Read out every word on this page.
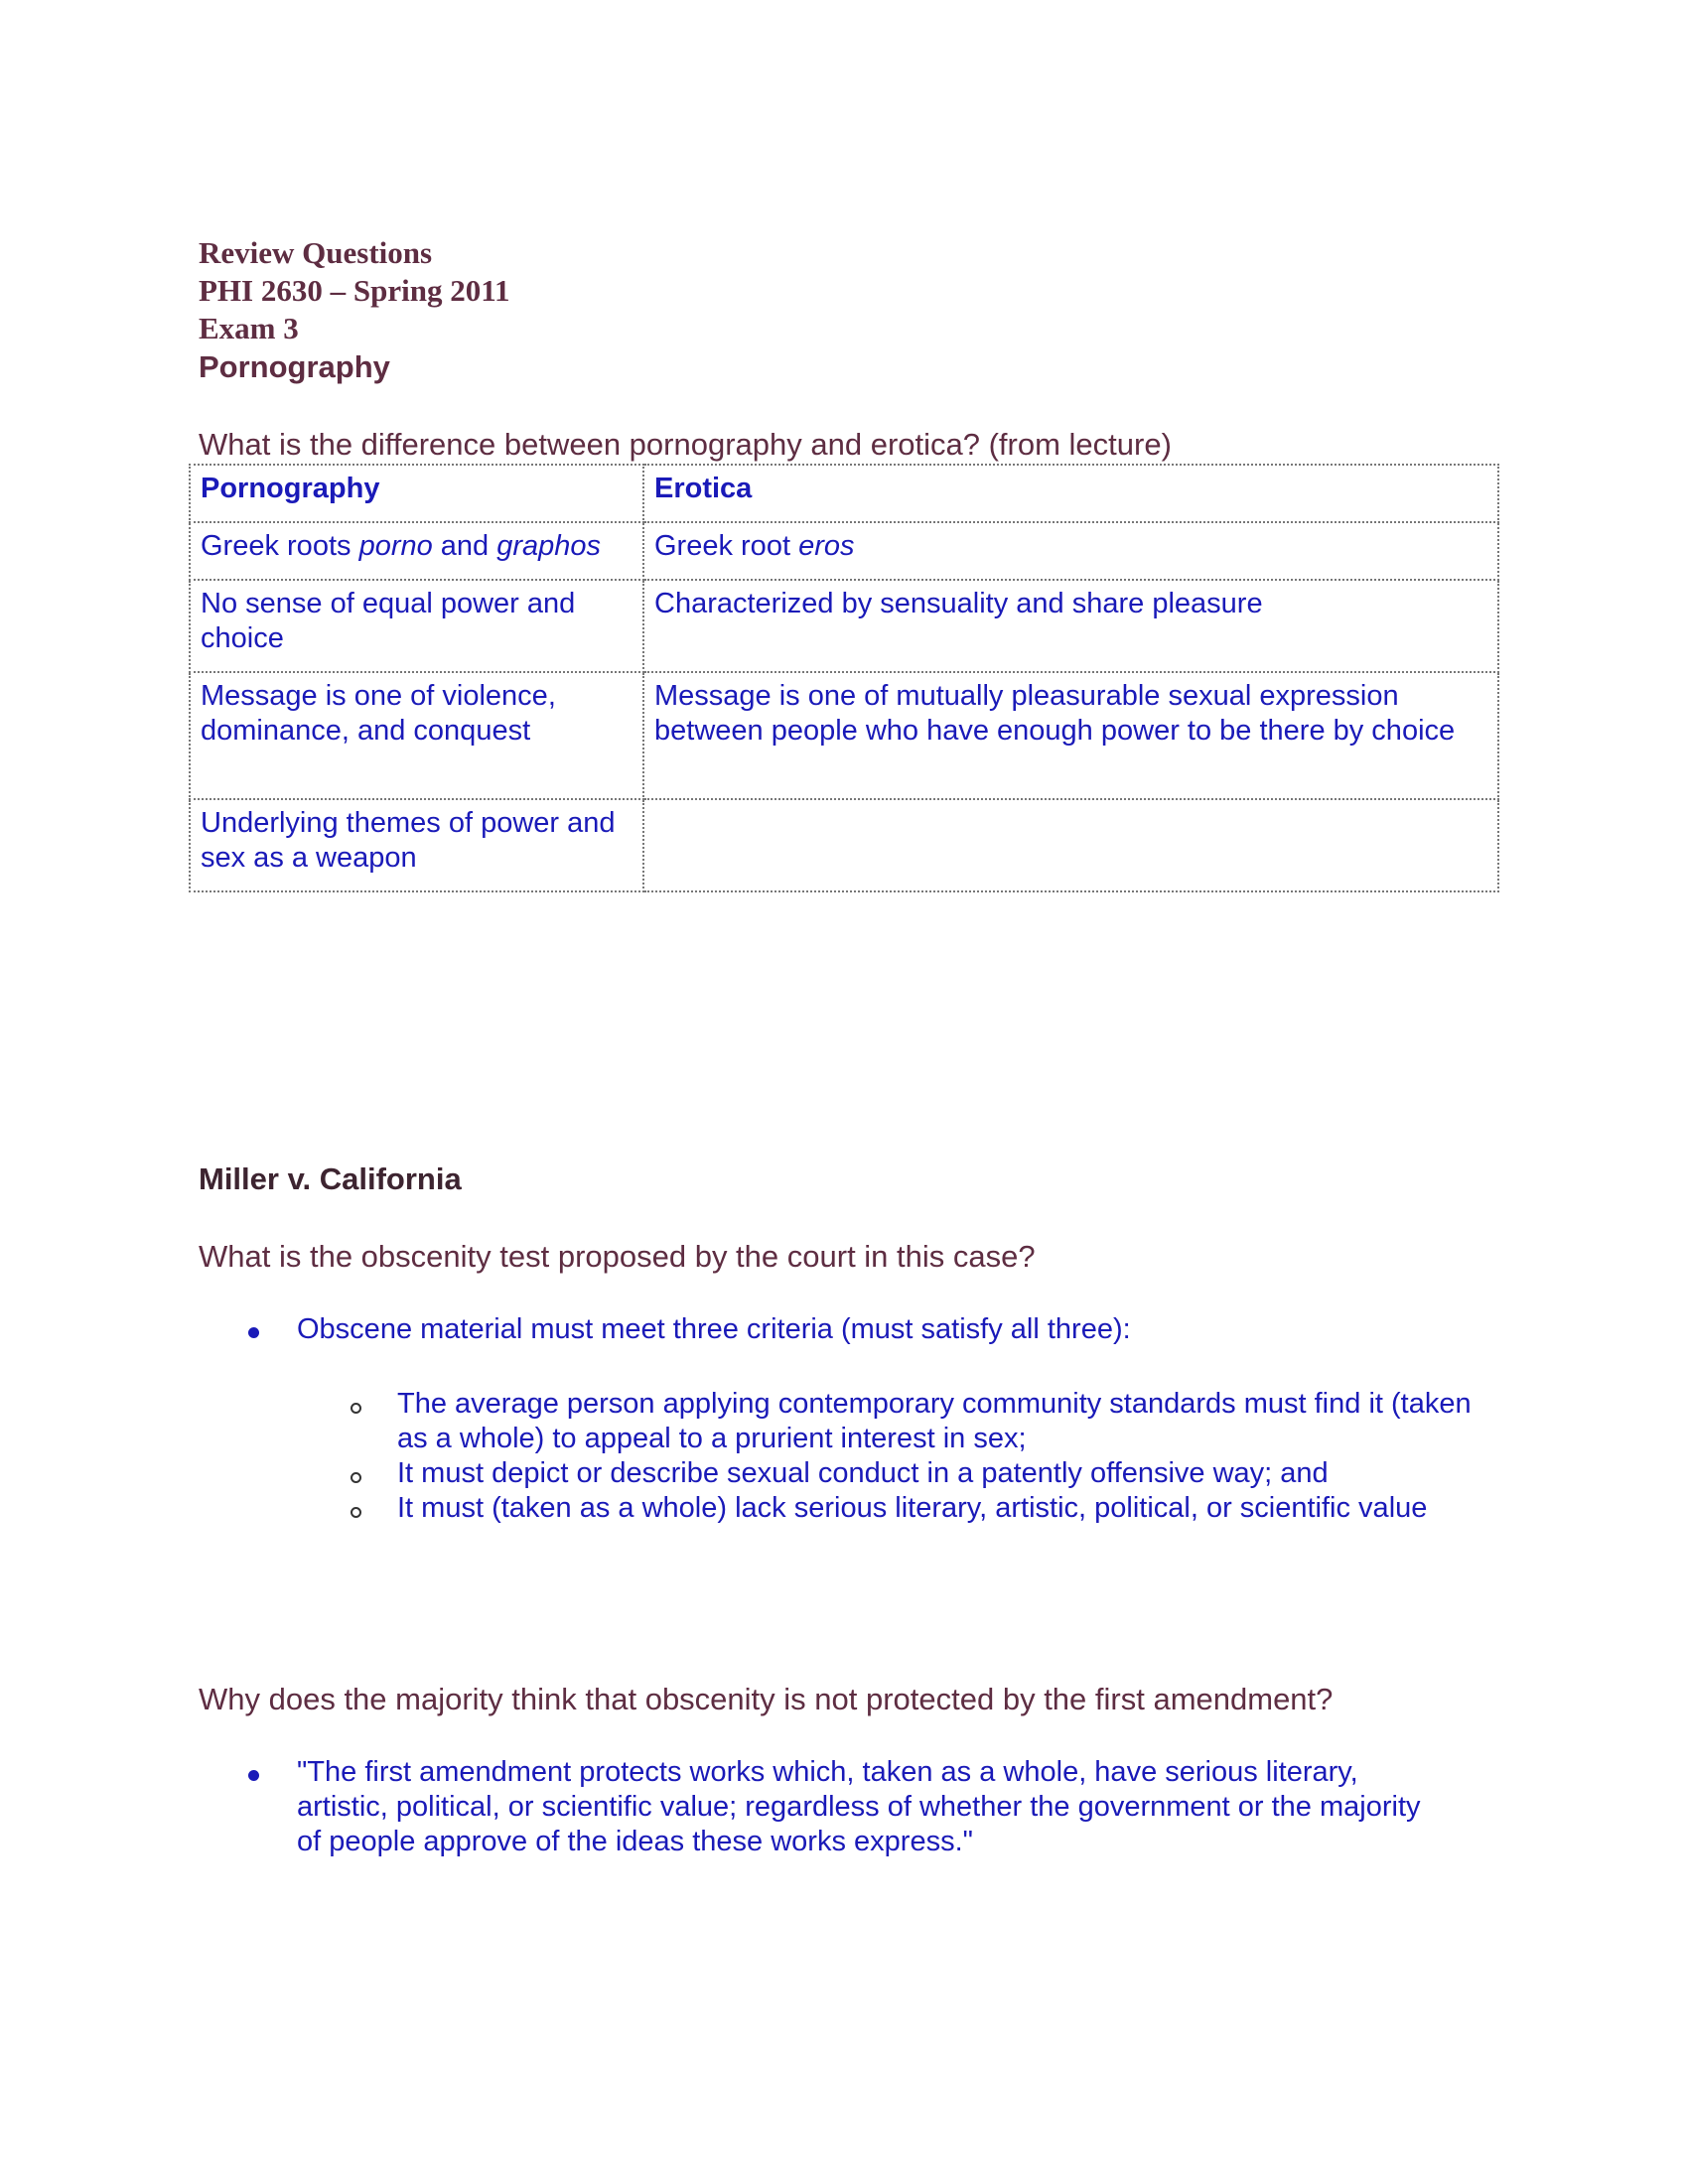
Review Questions
PHI 2630 – Spring 2011
Exam 3
Pornography
What is the difference between pornography and erotica? (from lecture)
Pornography	Erotica
Greek roots porno and graphos	Greek root eros
No sense of equal power and choice	Characterized by sensuality and share pleasure
Message is one of violence, dominance, and conquest	Message is one of mutually pleasurable sexual expression between people who have enough power to be there by choice
Underlying themes of power and sex as a weapon	
Miller v. California
What is the obscenity test proposed by the court in this case?
Obscene material must meet three criteria (must satisfy all three):
The average person applying contemporary community standards must find it (taken as a whole) to appeal to a prurient interest in sex;
It must depict or describe sexual conduct in a patently offensive way; and
It must (taken as a whole) lack serious literary, artistic, political, or scientific value
Why does the majority think that obscenity is not protected by the first amendment?
"The first amendment protects works which, taken as a whole, have serious literary, artistic, political, or scientific value; regardless of whether the government or the majority of people approve of the ideas these works express."
